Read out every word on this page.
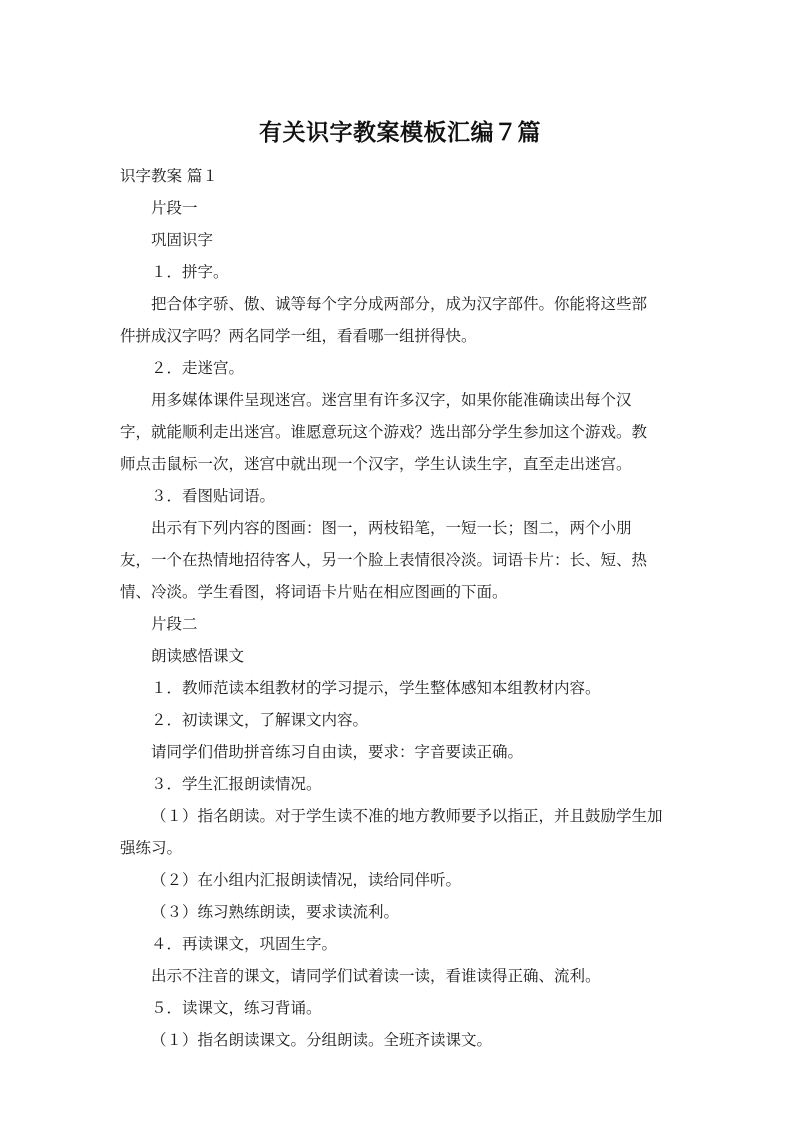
有关识字教案模板汇编７篇

识字教案 篇１

片段一

巩固识字

１．拼字。

把合体字骄、傲、诚等每个字分成两部分，成为汉字部件。你能将这些部

件拼成汉字吗？两名同学一组，看看哪一组拼得快。

２．走迷宫。

用多媒体课件呈现迷宫。迷宫里有许多汉字，如果你能准确读出每个汉

字，就能顺利走出迷宫。谁愿意玩这个游戏？选出部分学生参加这个游戏。教

师点击鼠标一次，迷宫中就出现一个汉字，学生认读生字，直至走出迷宫。

３．看图贴词语。

出示有下列内容的图画：图一，两枝铅笔，一短一长；图二，两个小朋

友，一个在热情地招待客人，另一个脸上表情很冷淡。词语卡片：长、短、热

情、冷淡。学生看图，将词语卡片贴在相应图画的下面。

片段二

朗读感悟课文

１．教师范读本组教材的学习提示，学生整体感知本组教材内容。

２．初读课文，了解课文内容。

请同学们借助拼音练习自由读，要求：字音要读正确。

３．学生汇报朗读情况。

（１）指名朗读。对于学生读不准的地方教师要予以指正，并且鼓励学生加

强练习。

（２）在小组内汇报朗读情况，读给同伴听。

（３）练习熟练朗读，要求读流利。

４．再读课文，巩固生字。

出示不注音的课文，请同学们试着读一读，看谁读得正确、流利。

５．读课文，练习背诵。

（１）指名朗读课文。分组朗读。全班齐读课文。
